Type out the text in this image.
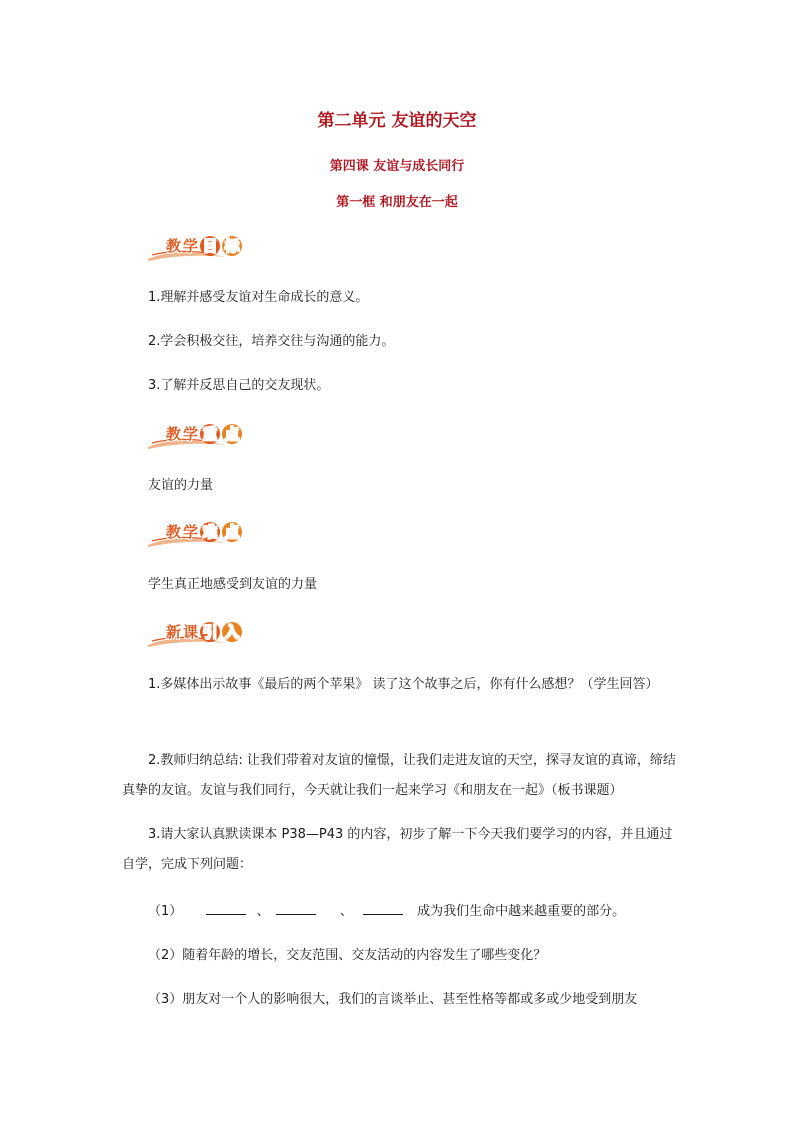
第二单元 友谊的天空
第四课 友谊与成长同行
第一框 和朋友在一起
教 学 目 标
1.理解并感受友谊对生命成长的意义。
2.学会积极交往，培养交往与沟通的能力。
3.了解并反思自己的交友现状。
教 学 重 点
友谊的力量
教 学 难 点
学生真正地感受到友谊的力量
新 课 引 入
1.多媒体出示故事《最后的两个苹果》 读了这个故事之后，你有什么感想？（学生回答）
2.教师归纳总结: 让我们带着对友谊的憧憬，让我们走进友谊的天空，探寻友谊的真谛，缔结真挚的友谊。友谊与我们同行，今天就让我们一起来学习《和朋友在一起》（板书课题）
3.请大家认真默读课本 P38—P43 的内容，初步了解一下今天我们要学习的内容，并且通过自学，完成下列问题：
（1）	、	、	成为我们生命中越来越重要的部分。
（2）随着年龄的增长，交友范围、交友活动的内容发生了哪些变化？
（3）朋友对一个人的影响很大，我们的言谈举止、甚至性格等都或多或少地受到朋友
